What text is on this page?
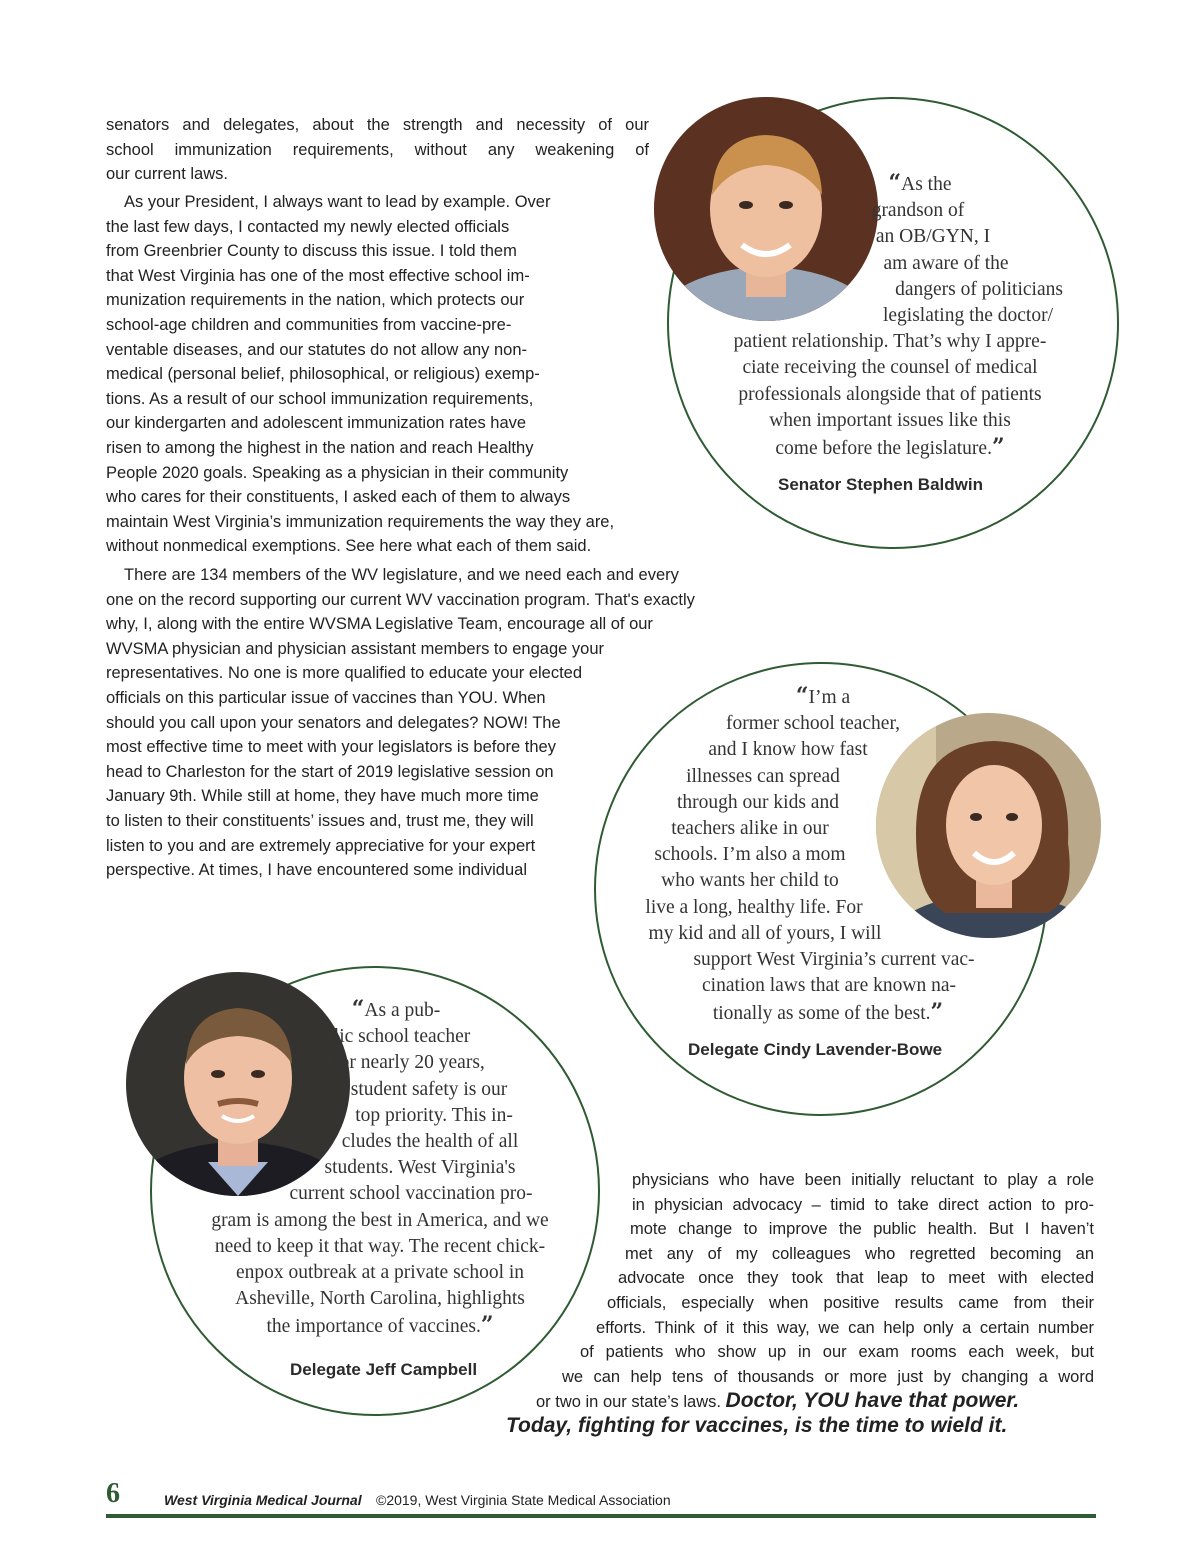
senators and delegates, about the strength and necessity of our
school immunization requirements, without any weakening of
our current laws.
As your President, I always want to lead by example. Over
the last few days, I contacted my newly elected officials
from Greenbrier County to discuss this issue. I told them
that West Virginia has one of the most effective school im-
munization requirements in the nation, which protects our
school-age children and communities from vaccine-pre-
ventable diseases, and our statutes do not allow any non-
medical (personal belief, philosophical, or religious) exemp-
tions. As a result of our school immunization requirements,
our kindergarten and adolescent immunization rates have
risen to among the highest in the nation and reach Healthy
People 2020 goals. Speaking as a physician in their community
who cares for their constituents, I asked each of them to always
maintain West Virginia’s immunization requirements the way they are,
without nonmedical exemptions. See here what each of them said.
There are 134 members of the WV legislature, and we need each and every
one on the record supporting our current WV vaccination program. That's exactly
why, I, along with the entire WVSMA Legislative Team, encourage all of our
WVSMA physician and physician assistant members to engage your
representatives. No one is more qualified to educate your elected
officials on this particular issue of vaccines than YOU. When
should you call upon your senators and delegates? NOW! The
most effective time to meet with your legislators is before they
head to Charleston for the start of 2019 legislative session on
January 9th. While still at home, they have much more time
to listen to their constituents’ issues and, trust me, they will
listen to you and are extremely appreciative for your expert
perspective. At times, I have encountered some individual
“As the
grandson of
an OB/GYN, I
am aware of the
dangers of politicians
legislating the doctor/
patient relationship. That’s why I appre-
ciate receiving the counsel of medical
professionals alongside that of patients
when important issues like this
come before the legislature.”
Senator Stephen Baldwin
“I’m a
former school teacher,
and I know how fast
illnesses can spread
through our kids and
teachers alike in our
schools. I’m also a mom
who wants her child to
live a long, healthy life. For
my kid and all of yours, I will
support West Virginia’s current vac-
cination laws that are known na-
tionally as some of the best.”
Delegate Cindy Lavender-Bowe
“As a pub-
lic school teacher
for nearly 20 years,
student safety is our
top priority. This in-
cludes the health of all
students. West Virginia's
current school vaccination pro-
gram is among the best in America, and we
need to keep it that way. The recent chick-
enpox outbreak at a private school in
Asheville, North Carolina, highlights
the importance of vaccines.”
Delegate Jeff Campbell
physicians who have been initially reluctant to play a role
in physician advocacy – timid to take direct action to pro-
mote change to improve the public health. But I haven’t
met any of my colleagues who regretted becoming an
advocate once they took that leap to meet with elected
officials, especially when positive results came from their
efforts. Think of it this way, we can help only a certain number
of patients who show up in our exam rooms each week, but
we can help tens of thousands or more just by changing a word
or two in our state’s laws. Doctor, YOU have that power.
Today, fighting for vaccines, is the time to wield it.
6	West Virginia Medical Journal ©2019, West Virginia State Medical Association
